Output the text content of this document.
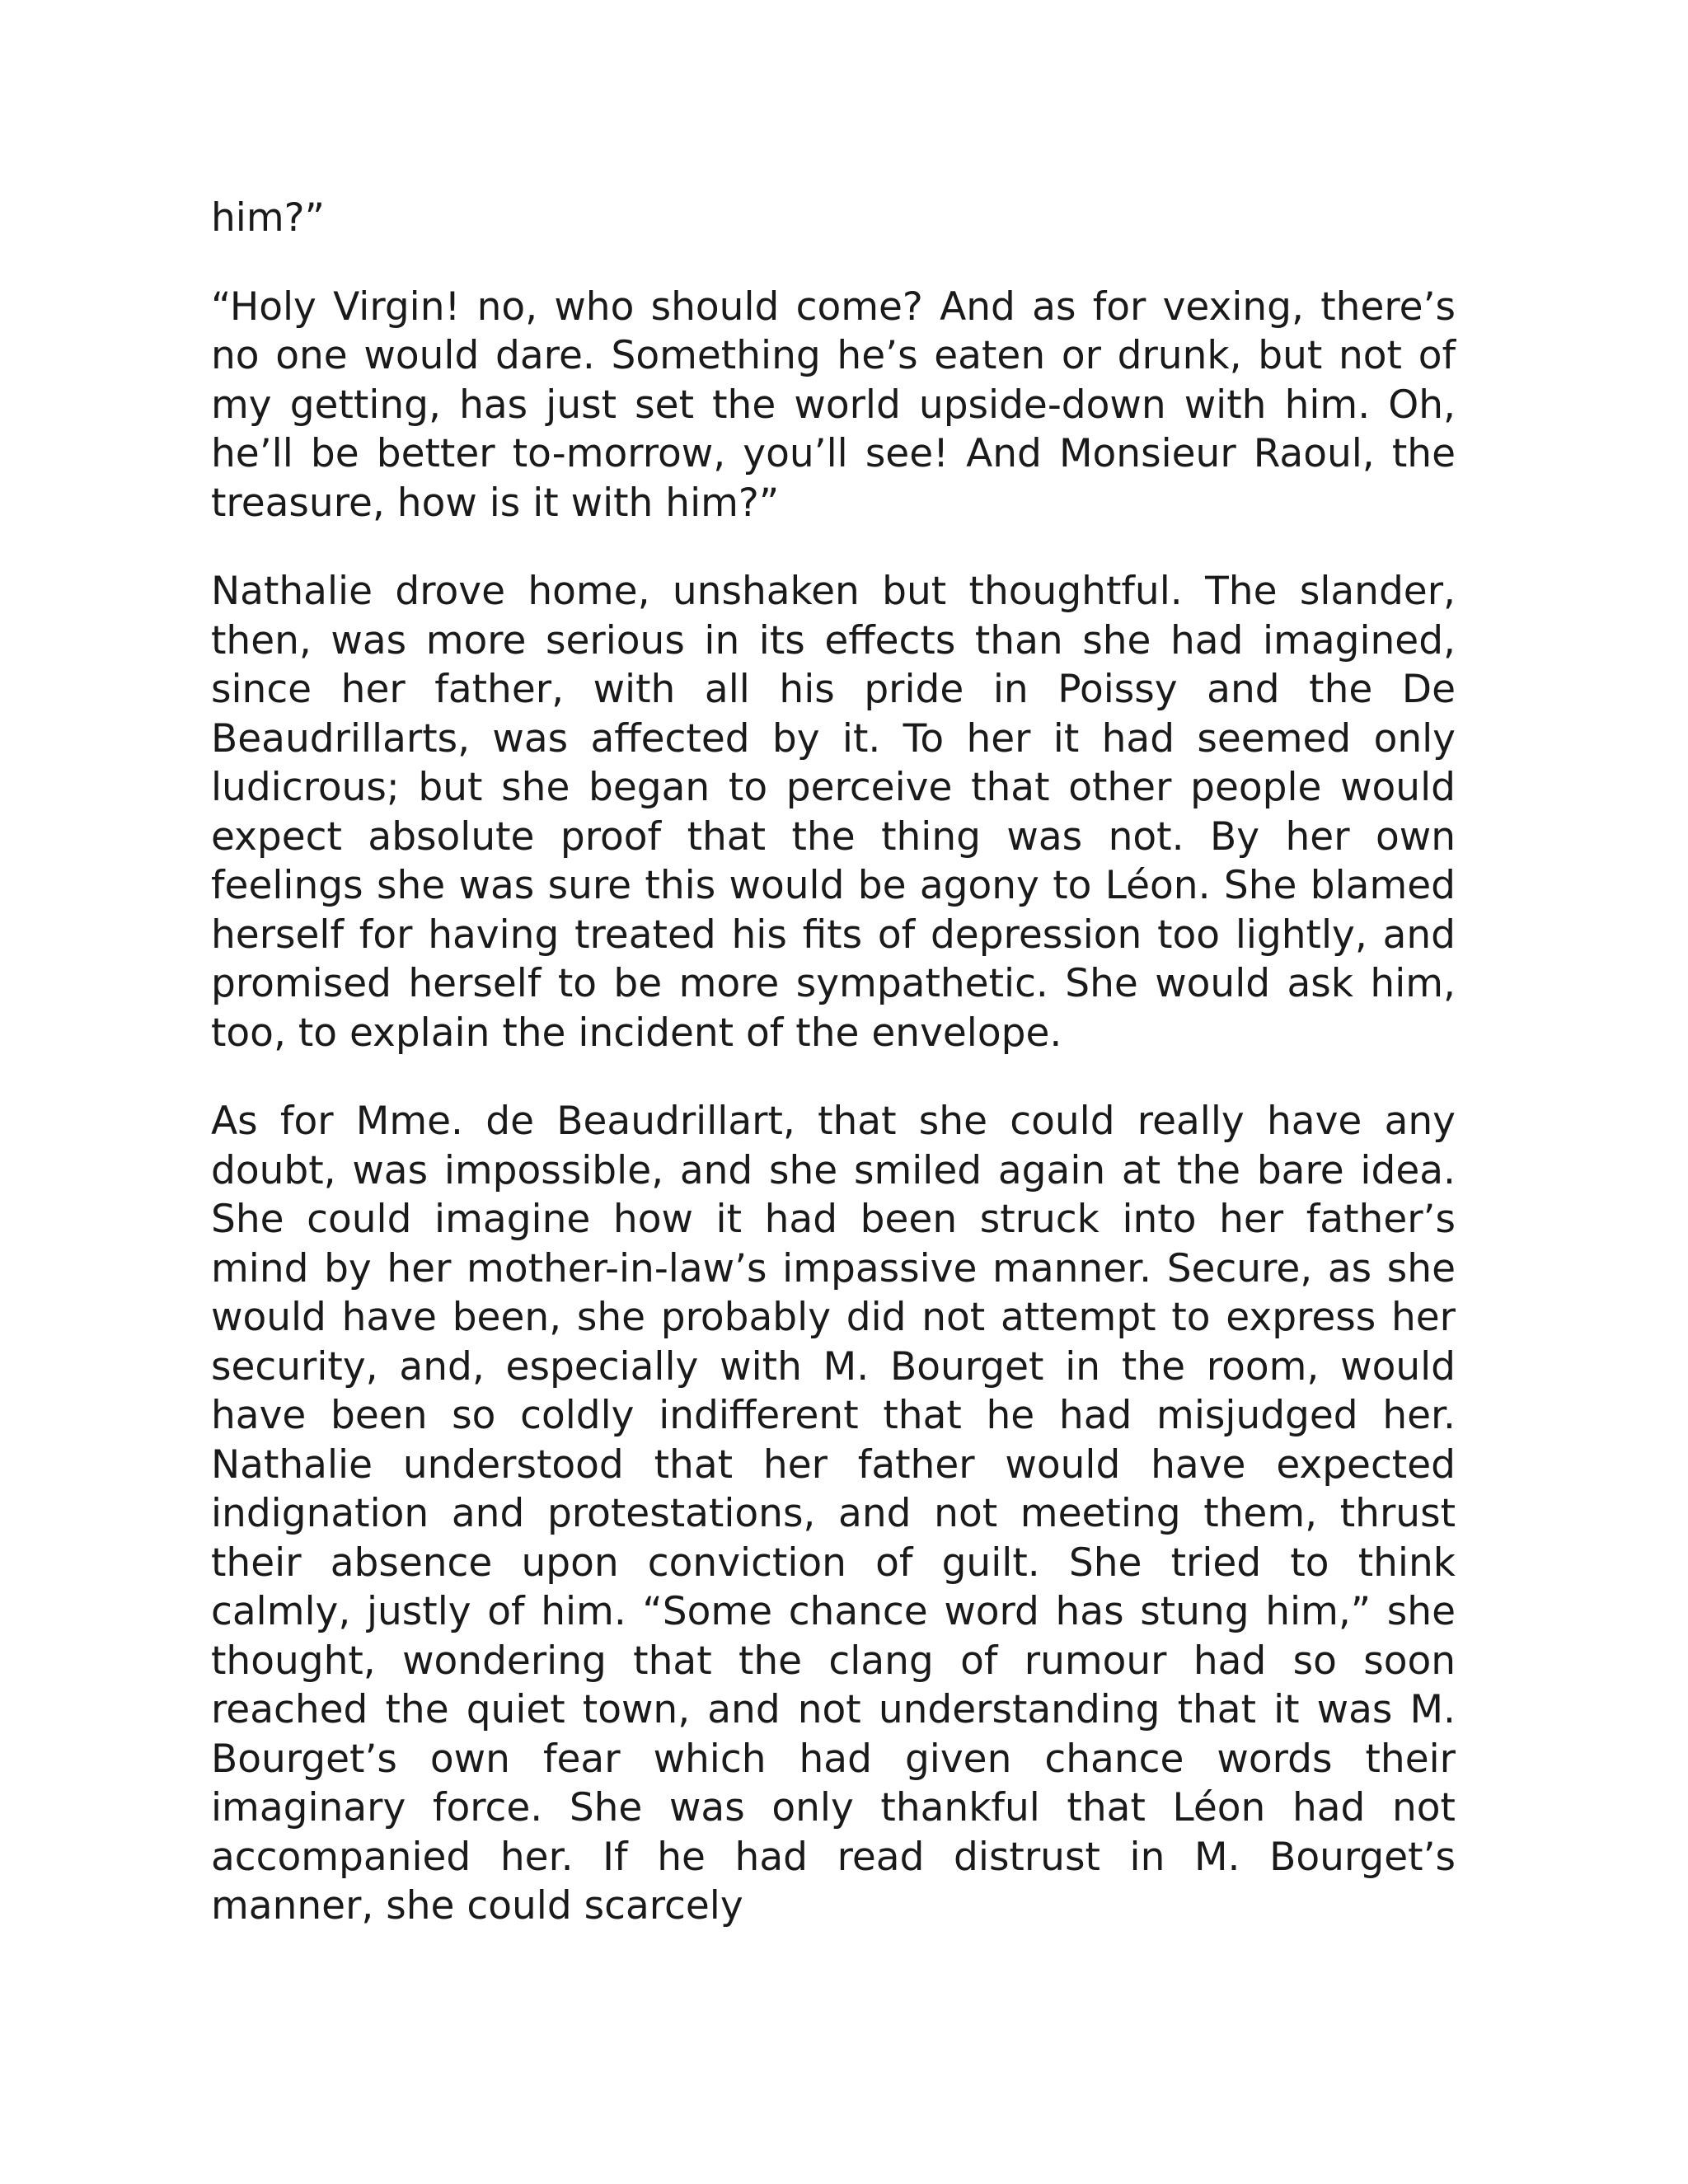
him?”

“Holy Virgin! no, who should come? And as for vexing, there’s no one would dare. Something he’s eaten or drunk, but not of my getting, has just set the world upside-down with him. Oh, he’ll be better to-morrow, you’ll see! And Monsieur Raoul, the treasure, how is it with him?”

Nathalie drove home, unshaken but thoughtful. The slander, then, was more serious in its effects than she had imagined, since her father, with all his pride in Poissy and the De Beaudrillarts, was affected by it. To her it had seemed only ludicrous; but she began to perceive that other people would expect absolute proof that the thing was not. By her own feelings she was sure this would be agony to Léon. She blamed herself for having treated his fits of depression too lightly, and promised herself to be more sympathetic. She would ask him, too, to explain the incident of the envelope.

As for Mme. de Beaudrillart, that she could really have any doubt, was impossible, and she smiled again at the bare idea. She could imagine how it had been struck into her father’s mind by her mother-in-law’s impassive manner. Secure, as she would have been, she probably did not attempt to express her security, and, especially with M. Bourget in the room, would have been so coldly indifferent that he had misjudged her. Nathalie understood that her father would have expected indignation and protestations, and not meeting them, thrust their absence upon conviction of guilt. She tried to think calmly, justly of him. “Some chance word has stung him,” she thought, wondering that the clang of rumour had so soon reached the quiet town, and not understanding that it was M. Bourget’s own fear which had given chance words their imaginary force. She was only thankful that Léon had not accompanied her. If he had read distrust in M. Bourget’s manner, she could scarcely
